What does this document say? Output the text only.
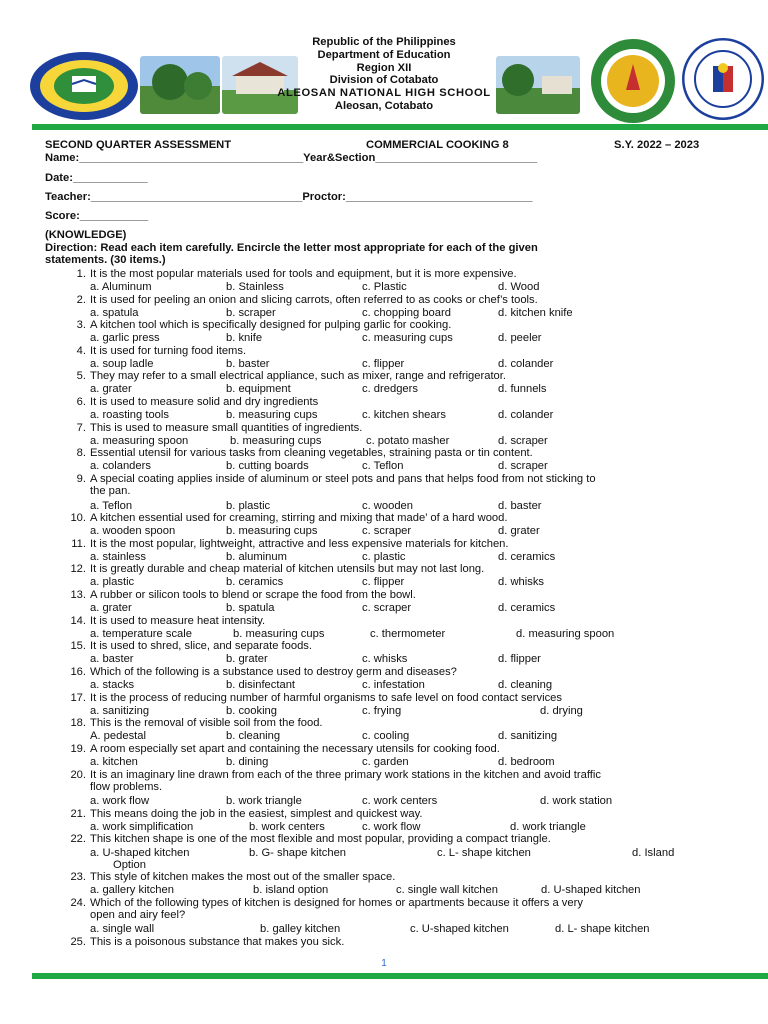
Republic of the Philippines
Department of Education
Region XII
Division of Cotabato
ALEOSAN NATIONAL HIGH SCHOOL
Aleosan, Cotabato
SECOND QUARTER ASSESSMENT	COMMERCIAL COOKING 8	S.Y. 2022 – 2023
Name:____________________________________Year&Section__________________________
Date:____________
Teacher:__________________________________Proctor:______________________________
Score:___________
(KNOWLEDGE)
Direction: Read each item carefully. Encircle the letter most appropriate for each of the given
statements. (30 items.)
1. It is the most popular materials used for tools and equipment, but it is more expensive.
a. Aluminum	b. Stainless	c. Plastic	d. Wood
2. It is used for peeling an onion and slicing carrots, often referred to as cooks or chef’s tools.
a. spatula	b. scraper	c. chopping board	d. kitchen knife
3. A kitchen tool which is specifically designed for pulping garlic for cooking.
a. garlic press	b. knife	c. measuring cups	d. peeler
4. It is used for turning food items.
a. soup ladle	b. baster	c. flipper	d. colander
5. They may refer to a small electrical appliance, such as mixer, range and refrigerator.
a. grater	b. equipment	c. dredgers	d. funnels
6. It is used to measure solid and dry ingredients
a. roasting tools	b. measuring cups	c. kitchen shears	d. colander
7. This is used to measure small quantities of ingredients.
a. measuring spoon	b. measuring cups	c. potato masher	d. scraper
8. Essential utensil for various tasks from cleaning vegetables, straining pasta or tin content.
a. colanders	b. cutting boards	c. Teflon	d. scraper
9. A special coating applies inside of aluminum or steel pots and pans that helps food from not sticking to
the pan.
a. Teflon	b. plastic	c. wooden	d. baster
10. A kitchen essential used for creaming, stirring and mixing that made’ of a hard wood.
a. wooden spoon	b. measuring cups	c. scraper	d. grater
11. It is the most popular, lightweight, attractive and less expensive materials for kitchen.
a. stainless	b. aluminum	c. plastic	d. ceramics
12. It is greatly durable and cheap material of kitchen utensils but may not last long.
a. plastic	b. ceramics	c. flipper	d. whisks
13. A rubber or silicon tools to blend or scrape the food from the bowl.
a. grater	b. spatula	c. scraper	d. ceramics
14. It is used to measure heat intensity.
a. temperature scale	b. measuring cups	c. thermometer	d. measuring spoon
15. It is used to shred, slice, and separate foods.
a. baster	b. grater	c. whisks	d. flipper
16. Which of the following is a substance used to destroy germ and diseases?
a. stacks	b. disinfectant	c. infestation	d. cleaning
17. It is the process of reducing number of harmful organisms to safe level on food contact services
a. sanitizing	b. cooking	c. frying	d. drying
18. This is the removal of visible soil from the food.
A. pedestal	b. cleaning	c. cooling	d. sanitizing
19. A room especially set apart and containing the necessary utensils for cooking food.
a. kitchen	b. dining	c. garden	d. bedroom
20. It is an imaginary line drawn from each of the three primary work stations in the kitchen and avoid traffic
flow problems.
a. work flow	b. work triangle	c. work centers	d. work station
21. This means doing the job in the easiest, simplest and quickest way.
a. work simplification	b. work centers	c. work flow	d. work triangle
22. This kitchen shape is one of the most flexible and most popular, providing a compact triangle.
a. U-shaped kitchen	b. G- shape kitchen	c. L- shape kitchen	d. Island
Option
23. This style of kitchen makes the most out of the smaller space.
a. gallery kitchen	b. island option	c. single wall kitchen	d. U-shaped kitchen
24. Which of the following types of kitchen is designed for homes or apartments because it offers a very
open and airy feel?
a. single wall	b. galley kitchen	c. U-shaped kitchen	d. L- shape kitchen
25. This is a poisonous substance that makes you sick.
1
